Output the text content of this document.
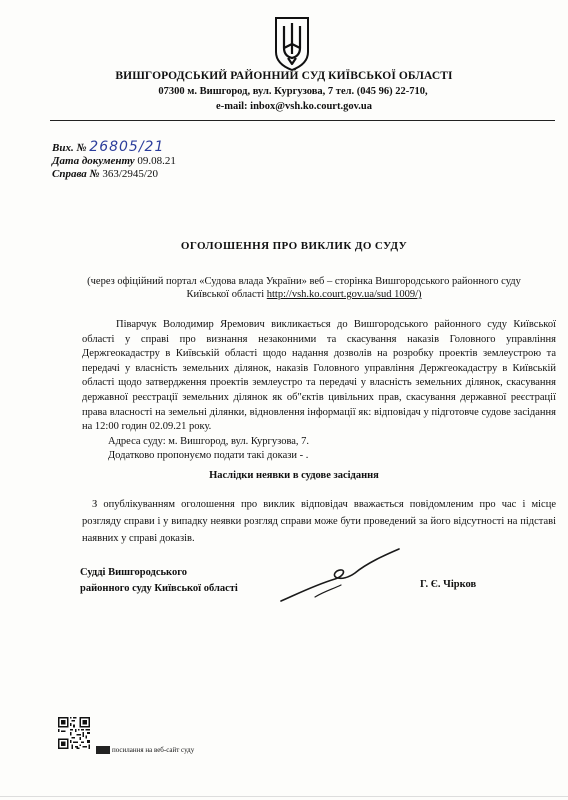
ВИШГОРОДСЬКИЙ РАЙОННИЙ СУД КИЇВСЬКОЇ ОБЛАСТІ
07300 м. Вишгород, вул. Кургузова, 7 тел. (045 96) 22-710,
e-mail: inbox@vsh.ko.court.gov.ua
Вих. № 26805/21
Дата документу 09.08.21
Справа № 363/2945/20
ОГОЛОШЕННЯ ПРО ВИКЛИК ДО СУДУ
(через офіційний портал «Судова влада України» веб – сторінка Вишгородського районного суду
Київської області http://vsh.ko.court.gov.ua/sud 1009/)

Піварчук Володимир Яремович викликається до Вишгородського районного суду Київської області у справі про визнання незаконними та скасування наказів Головного управління Держгеокадастру в Київській області щодо надання дозволів на розробку проектів землеустрою та передачі у власність земельних ділянок, наказів Головного управління Держгеокадастру в Київській області щодо затвердження проектів землеустро та передачі у власність земельних ділянок, скасування державної реєстрації земельних ділянок як об"єктів цивільних прав, скасування державної реєстрації права власності на земельні ділянки, відновлення інформації як: відповідач у підготовче судове засідання на 12:00 годин 02.09.21 року.

Адреса суду: м. Вишгород, вул. Кургузова, 7.

Додатково пропонуємо подати такі докази - .

Наслідки неявки в судове засідання

З опублікуванням оголошення про виклик відповідач вважається повідомленим про час і місце розгляду справи і у випадку неявки розгляд справи може бути проведений за його відсутності на підставі наявних у справі доказів.

Судді Вишгородського
районного суду Київської області	Г. Є. Чірков
посилання на веб-сайт суду
